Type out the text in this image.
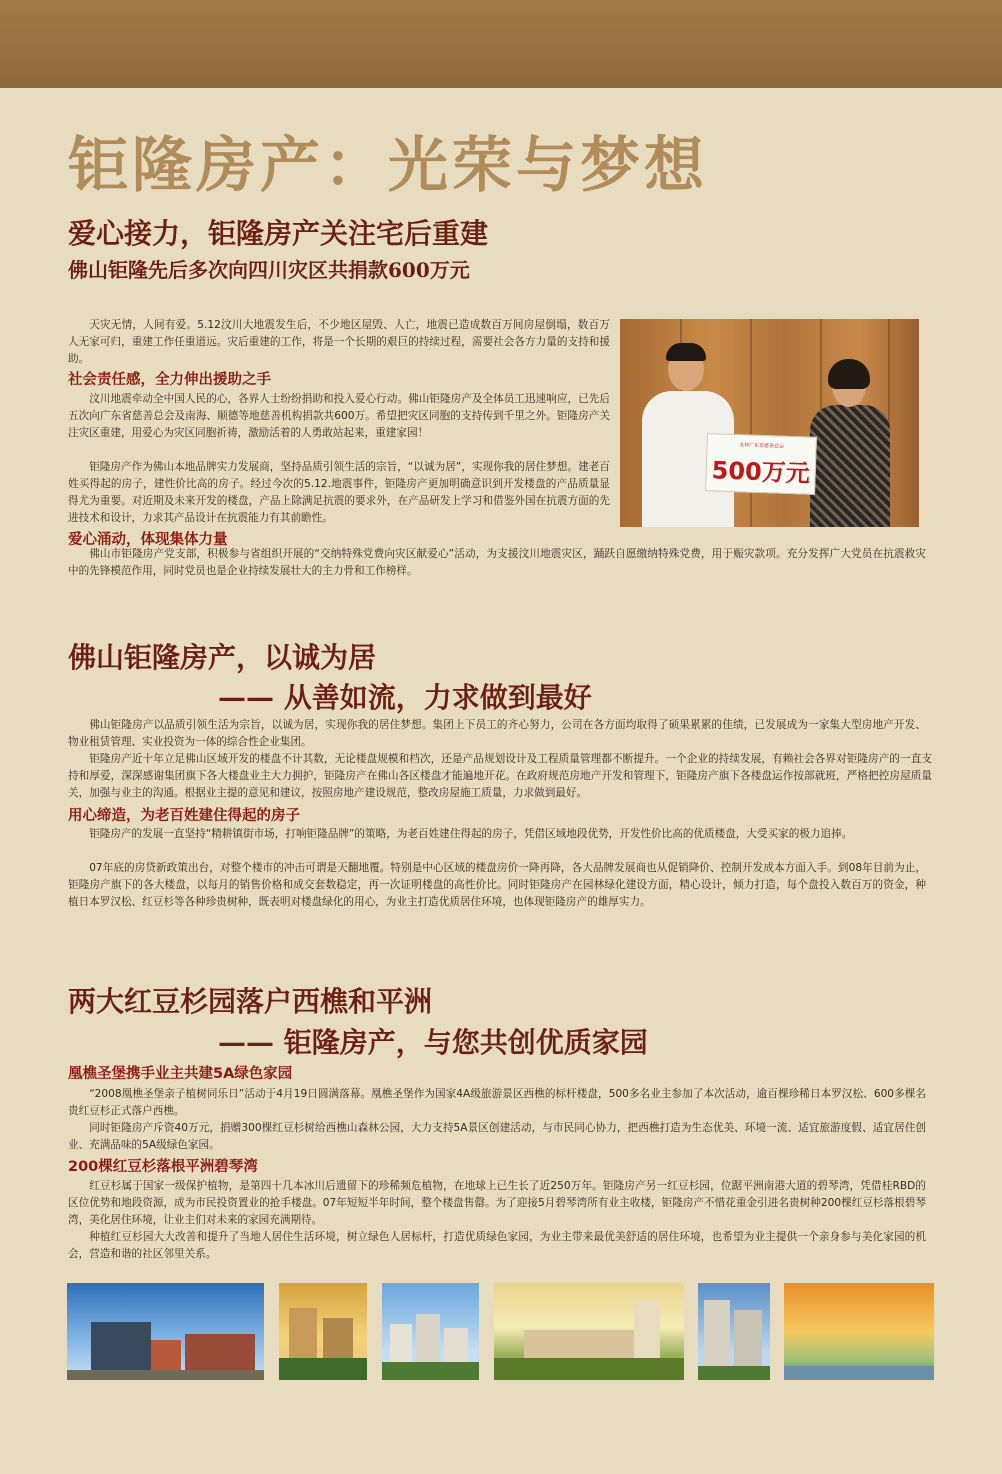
钜隆房产：光荣与梦想
爱心接力，钜隆房产关注宅后重建
佛山钜隆先后多次向四川灾区共捐款600万元

天灾无情，人间有爱。5.12汶川大地震发生后，不少地区屋毁、人亡，地震已造成数百万间房屋倒塌，数百万人无家可归，重建工作任重道远。灾后重建的工作，将是一个长期的艰巨的持续过程，需要社会各方力量的支持和援助。

社会责任感，全力伸出援助之手

汶川地震牵动全中国人民的心，各界人士纷纷捐助和投入爱心行动。佛山钜隆房产及全体员工迅速响应，已先后五次向广东省慈善总会及南海、顺德等地慈善机构捐款共600万。希望把灾区同胞的支持传到千里之外。钜隆房产关注灾区重建，用爱心为灾区同胞祈祷，激励活着的人勇敢站起来，重建家园！

钜隆房产作为佛山本地品牌实力发展商，坚持品质引领生活的宗旨，“以诚为居”，实现你我的居住梦想。建老百姓买得起的房子，建性价比高的房子。经过今次的5.12.地震事件，钜隆房产更加明确意识到开发楼盘的产品质量显得尤为重要。对近期及未来开发的楼盘，产品上除满足抗震的要求外，在产品研发上学习和借鉴外国在抗震方面的先进技术和设计，力求其产品设计在抗震能力有其前瞻性。

爱心涌动，体现集体力量

佛山市钜隆房产党支部，积极参与省组织开展的“交纳特殊党费向灾区献爱心”活动，为支援汶川地震灾区，踊跃自愿缴纳特殊党费，用于赈灾款项。充分发挥广大党员在抗震救灾中的先锋模范作用，同时党员也是企业持续发展壮大的主力骨和工作榜样。

支持广东省慈善总会
500万元
佛山钜隆房产，以诚为居
—— 从善如流，力求做到最好

佛山钜隆房产以品质引领生活为宗旨，以诚为居，实现你我的居住梦想。集团上下员工的齐心努力，公司在各方面均取得了硕果累累的佳绩，已发展成为一家集大型房地产开发、物业租赁管理、实业投资为一体的综合性企业集团。

钜隆房产近十年立足佛山区域开发的楼盘不计其数，无论楼盘规模和档次，还是产品规划设计及工程质量管理都不断提升。一个企业的持续发展，有赖社会各界对钜隆房产的一直支持和厚爱，深深感谢集团旗下各大楼盘业主大力拥护，钜隆房产在佛山各区楼盘才能遍地开花。在政府规范房地产开发和管理下，钜隆房产旗下各楼盘运作按部就班，严格把控房屋质量关，加强与业主的沟通。根据业主提的意见和建议，按照房地产建设规范，整改房屋施工质量，力求做到最好。

用心缔造，为老百姓建住得起的房子

钜隆房产的发展一直坚持“精耕镇街市场，打响钜隆品牌”的策略，为老百姓建住得起的房子，凭借区域地段优势，开发性价比高的优质楼盘，大受买家的极力追捧。

07年底的房贷新政策出台，对整个楼市的冲击可谓是天翻地覆。特别是中心区域的楼盘房价一降再降，各大品牌发展商也从促销降价、控制开发成本方面入手。到08年目前为止，钜隆房产旗下的各大楼盘，以每月的销售价格和成交套数稳定，再一次证明楼盘的高性价比。同时钜隆房产在园林绿化建设方面，精心设计，倾力打造，每个盘投入数百万的资金，种植日本罗汉松、红豆杉等各种珍贵树种，既表明对楼盘绿化的用心，为业主打造优质居住环境，也体现钜隆房产的雄厚实力。

两大红豆杉园落户西樵和平洲
—— 钜隆房产，与您共创优质家园
凰樵圣堡携手业主共建5A绿色家园

“2008凰樵圣堡亲子植树同乐日”活动于4月19日圆满落幕。凰樵圣堡作为国家4A级旅游景区西樵的标杆楼盘，500多名业主参加了本次活动，逾百棵珍稀日本罗汉松、600多棵名贵红豆杉正式落户西樵。

同时钜隆房产斥资40万元，捐赠300棵红豆杉树给西樵山森林公园，大力支持5A景区创建活动，与市民同心协力，把西樵打造为生态优美、环境一流、适宜旅游度假、适宜居住创业、充满品味的5A级绿色家园。

200棵红豆杉落根平洲碧琴湾

红豆杉属于国家一级保护植物，是第四十几本冰川后遗留下的珍稀频危植物，在地球上已生长了近250万年。钜隆房产另一红豆杉园，位踞平洲南港大道的碧琴湾，凭借桂RBD的区位优势和地段资源，成为市民投资置业的抢手楼盘。07年短短半年时间，整个楼盘售罄。为了迎接5月碧琴湾所有业主收楼，钜隆房产不惜花重金引进名贵树种200棵红豆杉落根碧琴湾，美化居住环境，让业主们对未来的家园充满期待。

种植红豆杉园大大改善和提升了当地人居住生活环境，树立绿色人居标杆，打造优质绿色家园，为业主带来最优美舒适的居住环境，也希望为业主提供一个亲身参与美化家园的机会，营造和谐的社区邻里关系。
